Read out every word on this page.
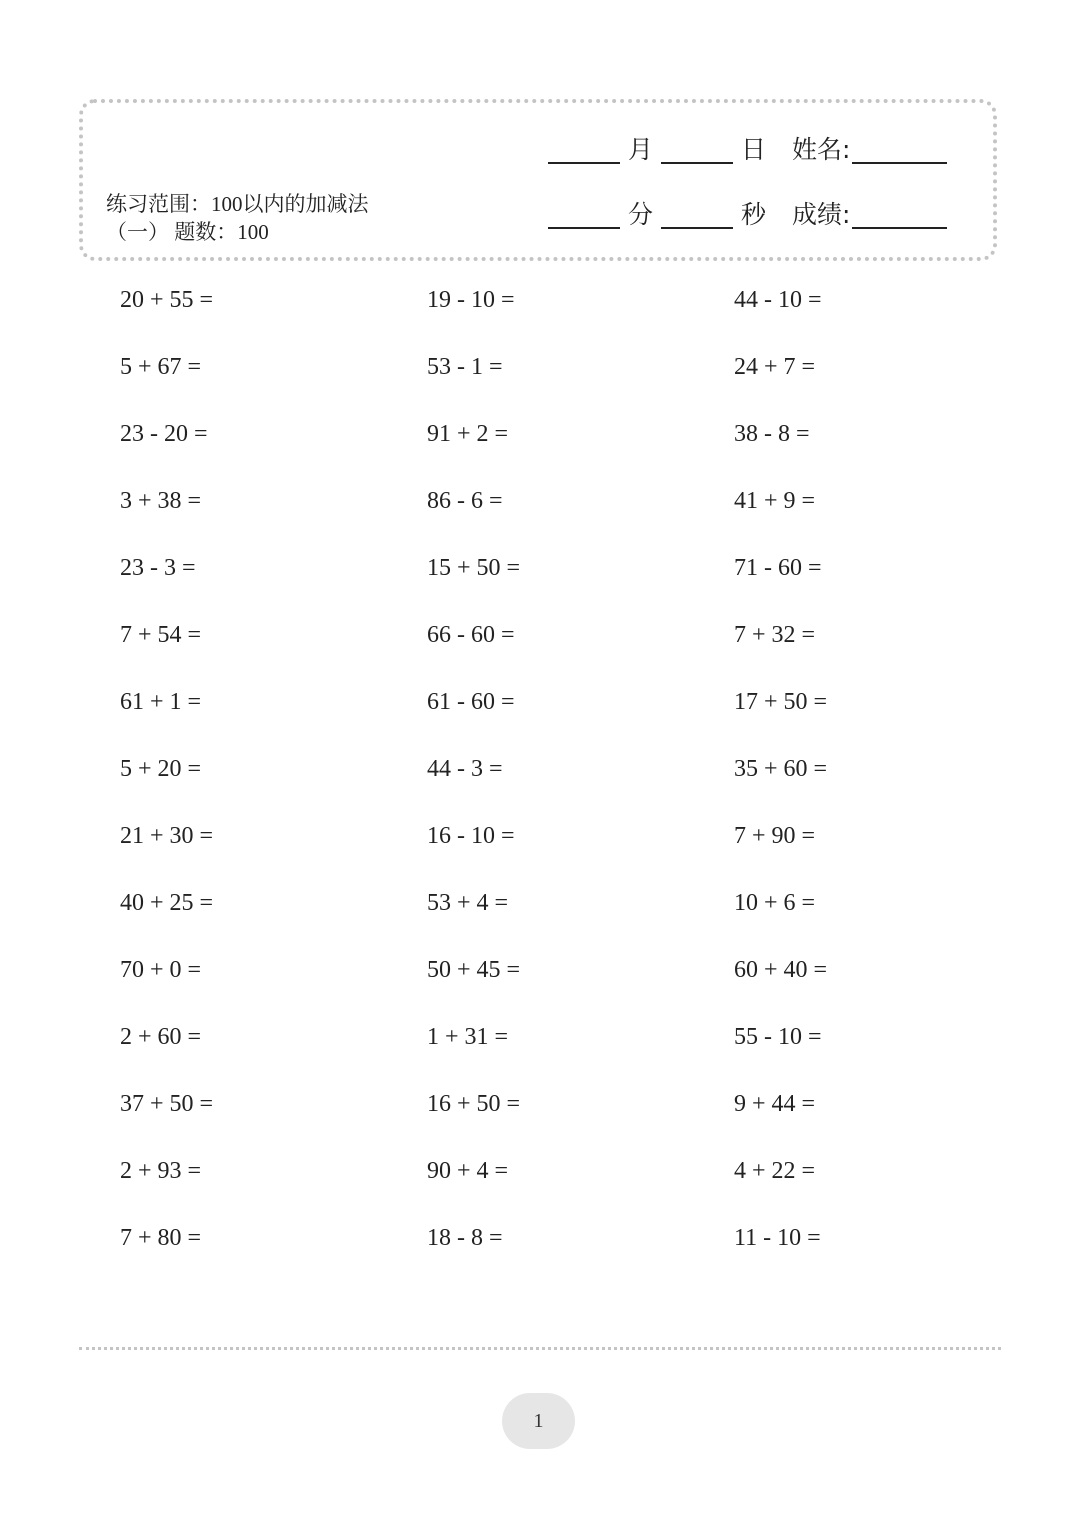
练习范围：100以内的加减法
（一） 题数：100
月	日 姓名:
分	秒 成绩:
20 + 55 =	19 - 10 =	44 - 10 =
5 + 67 =	53 - 1 =	24 + 7 =
23 - 20 =	91 + 2 =	38 - 8 =
3 + 38 =	86 - 6 =	41 + 9 =
23 - 3 =	15 + 50 =	71 - 60 =
7 + 54 =	66 - 60 =	7 + 32 =
61 + 1 =	61 - 60 =	17 + 50 =
5 + 20 =	44 - 3 =	35 + 60 =
21 + 30 =	16 - 10 =	7 + 90 =
40 + 25 =	53 + 4 =	10 + 6 =
70 + 0 =	50 + 45 =	60 + 40 =
2 + 60 =	1 + 31 =	55 - 10 =
37 + 50 =	16 + 50 =	9 + 44 =
2 + 93 =	90 + 4 =	4 + 22 =
7 + 80 =	18 - 8 =	11 - 10 =
1
